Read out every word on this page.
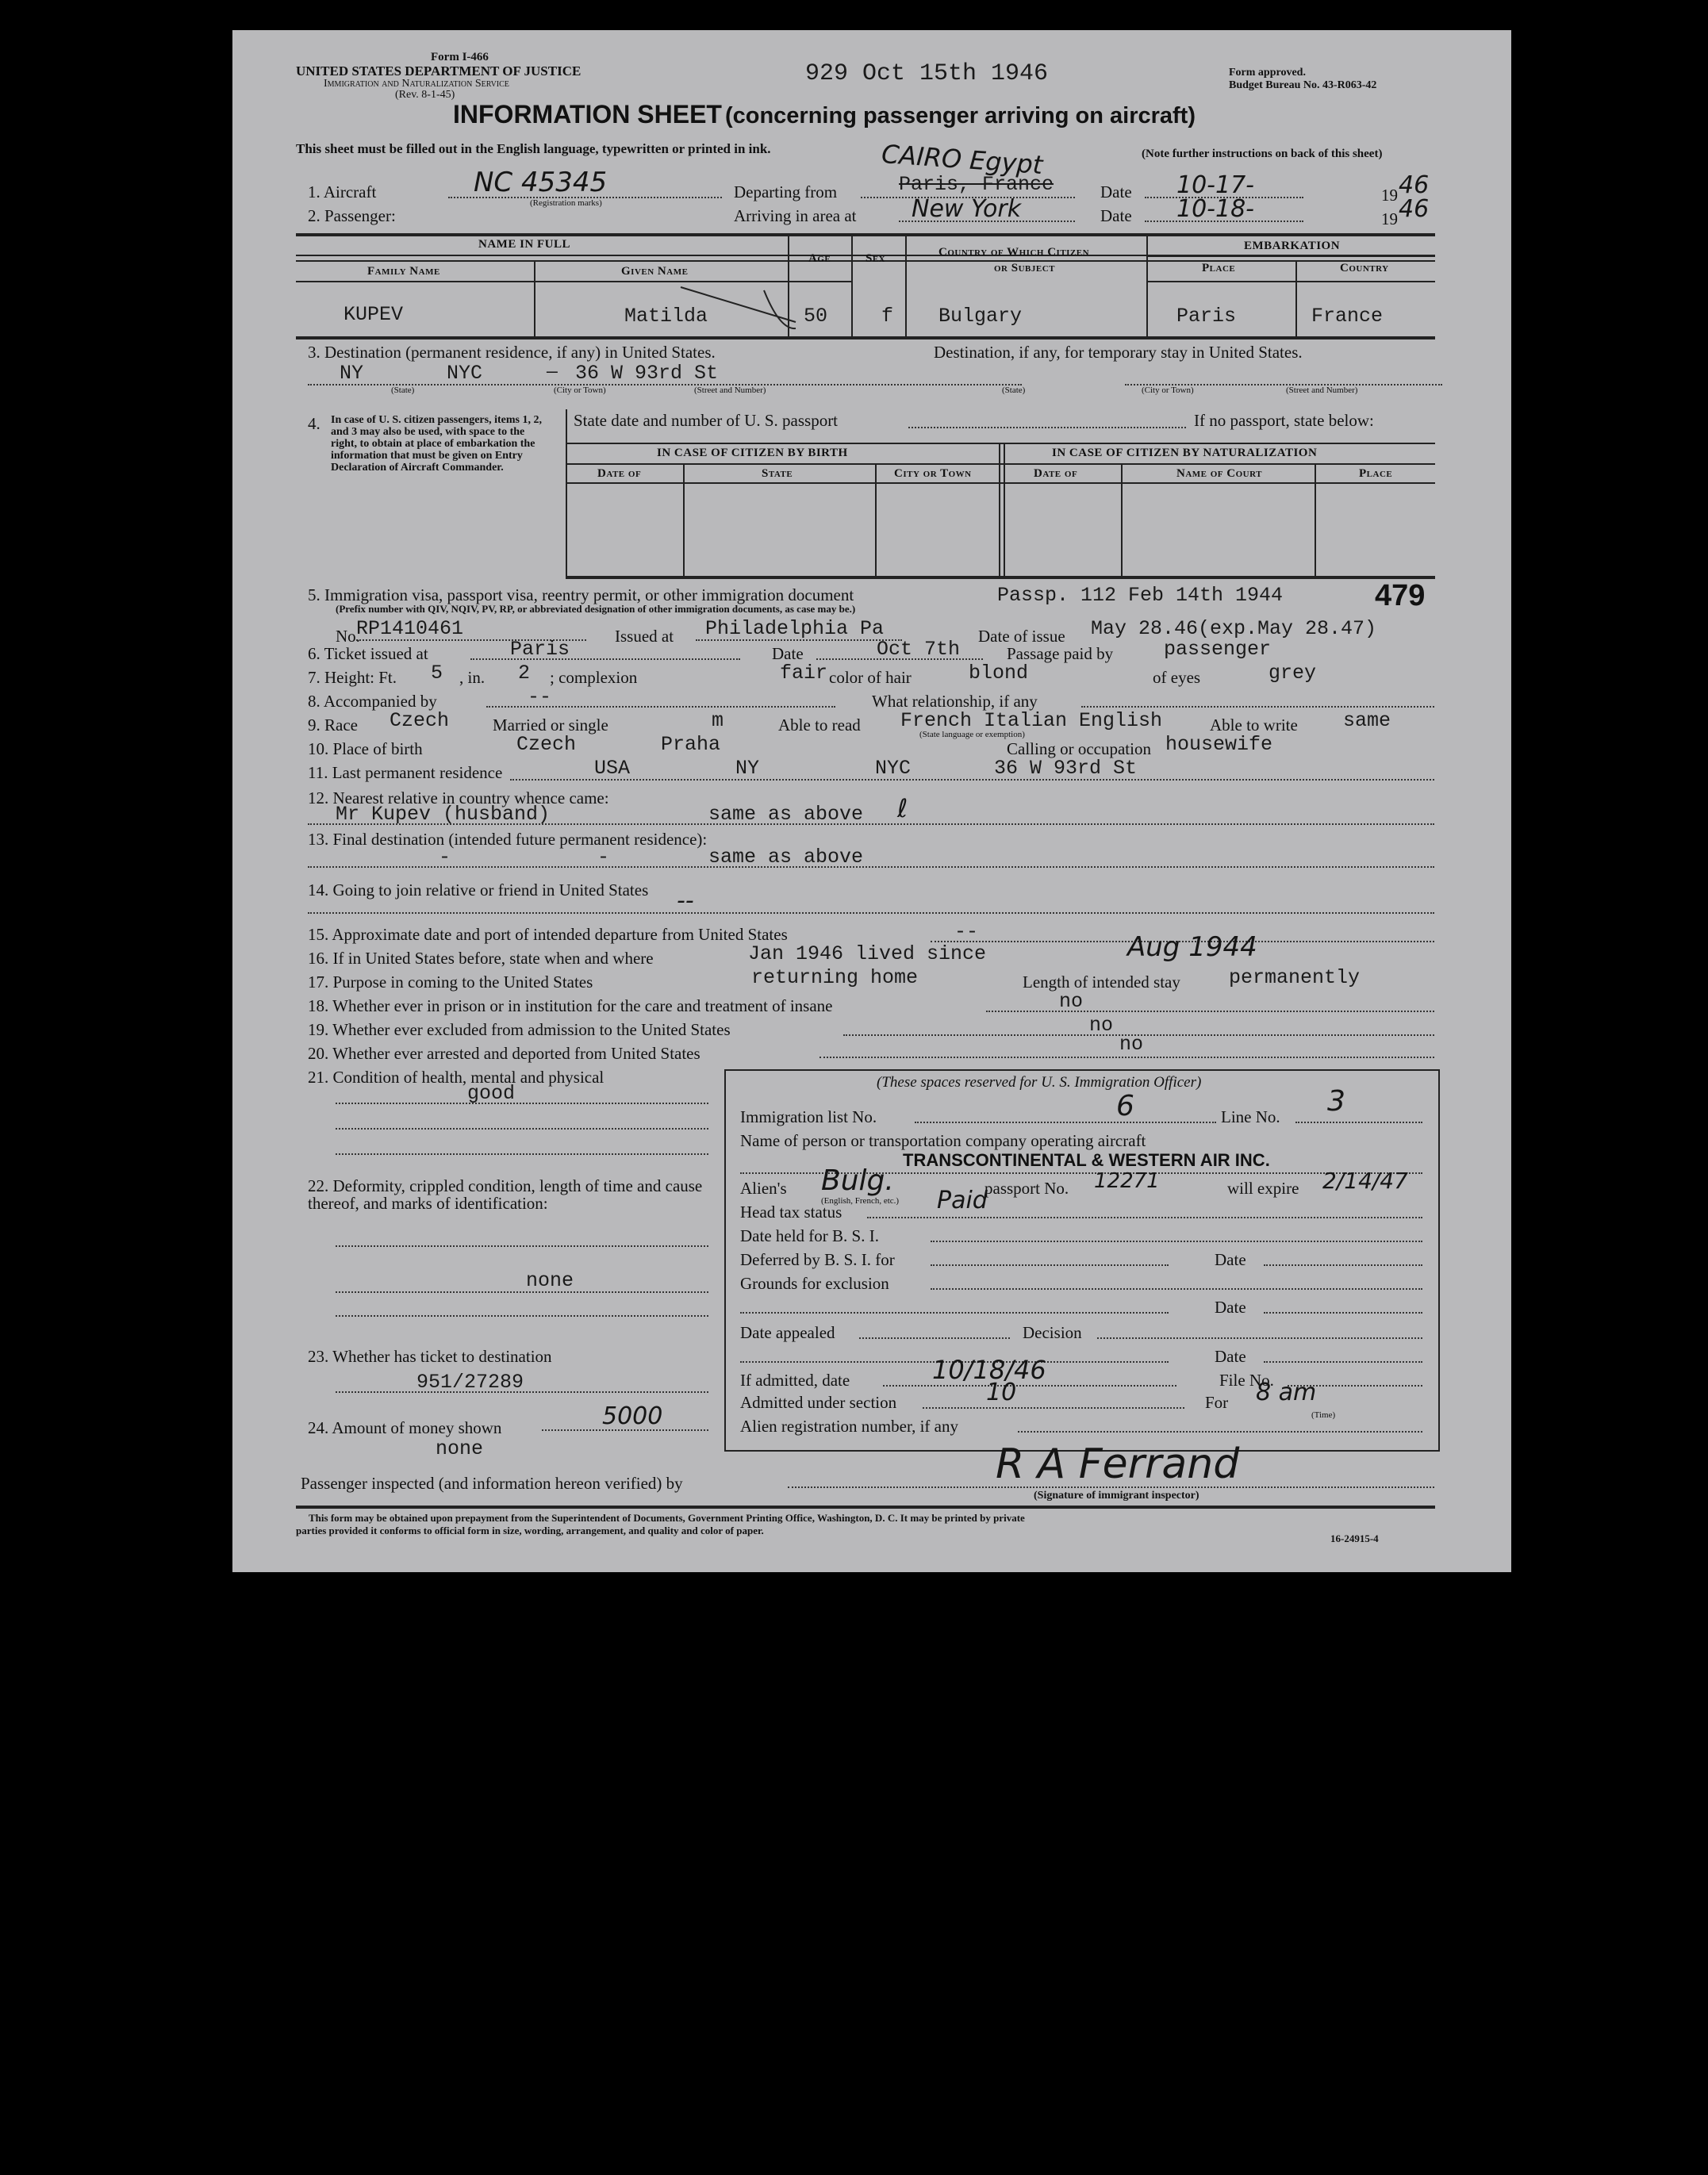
Form I-466
UNITED STATES DEPARTMENT OF JUSTICE
Immigration and Naturalization Service
(Rev. 8-1-45)
929 Oct 15th 1946	Form approved.
Budget Bureau No. 43-R063-42
INFORMATION SHEET (concerning passenger arriving on aircraft)
This sheet must be filled out in the English language, typewritten or printed in ink.	(Note further instructions on back of this sheet)
1. Aircraft	NC 45345
(Registration marks)
Departing from
CAIRO Egypt
Paris, France	Date 10-17-	19 46
2. Passenger:	Arriving in area at New York	Date 10-18-	19 46
NAME IN FULL
Family Name	Given Name
Age	Sex	Country of Which Citizen
or Subject
EMBARKATION
Place	Country
KUPEV	Matilda	50	f Bulgary	Paris	France
3. Destination (permanent residence, if any) in United States.	Destination, if any, for temporary stay in United States.
NY	NYC	— 36 W 93rd St
(State)	(City or Town)	(Street and Number)	(State)	(City or Town)	(Street and Number)
4. In case of U. S. citizen passengers, items 1, 2, and 3 may also be used, with space to the right, to obtain at place of embarkation the information that must be given on Entry Declaration of Aircraft Commander.
State date and number of U. S. passport	If no passport, state below:
IN CASE OF CITIZEN BY BIRTH	IN CASE OF CITIZEN BY NATURALIZATION
Date of	State	City or Town	Date of	Name of Court	Place
5. Immigration visa, passport visa, reentry permit, or other immigration document	Passp. 112 Feb 14th 1944	479
(Prefix number with QIV, NQIV, PV, RP, or abbreviated designation of other immigration documents, as case may be.)
No.
RP1410461	Issued at Philadelphia Pa	Date of issue May 28.46(exp.May 28.47)
6. Ticket issued at	Paris	Date	Oct 7th	Passage paid by	passenger
7. Height: Ft. 5 , in. 2 ; complexion	fair color of hair	blond	of eyes	grey
8. Accompanied by	--	What relationship, if any
9. Race Czech	Married or single	m	Able to read French Italian English
(State language or exemption)	Able to write same
10. Place of birth	Czech	Praha	Calling or occupation housewife
11. Last permanent residence	USA	NY	NYC	36 W 93rd St
12. Nearest relative in country whence came:
Mr Kupev (husband)	same as above ℓ
13. Final destination (intended future permanent residence):
-	-	same as above
14. Going to join relative or friend in United States --
15. Approximate date and port of intended departure from United States	--
16. If in United States before, state when and where	Jan 1946 lived since	Aug 1944
17. Purpose in coming to the United States	returning home	Length of intended stay permanently
18. Whether ever in prison or in institution for the care and treatment of insane	no
19. Whether ever excluded from admission to the United States	no
20. Whether ever arrested and deported from United States	no
21. Condition of health, mental and physical
good
22. Deformity, crippled condition, length of time and cause thereof, and marks of identification:
none
23. Whether has ticket to destination
951/27289
24. Amount of money shown	5000
none
(These spaces reserved for U. S. Immigration Officer)
Immigration list No.	6	Line No. 3
Name of person or transportation company operating aircraft
TRANSCONTINENTAL & WESTERN AIR INC.
Alien's Bulg.
(English, French, etc.)
passport No. 12271	will expire 2/14/47
Head tax status	Paid
Date held for B. S. I.
Deferred by B. S. I. for	Date
Grounds for exclusion
Date
Date appealed	Decision
Date
If admitted, date	10/18/46	File No.
Admitted under section	10	For 8 am
(Time)
Alien registration number, if any
Passenger inspected (and information hereon verified) by	R A Ferrand
(Signature of immigrant inspector)
This form may be obtained upon prepayment from the Superintendent of Documents, Government Printing Office, Washington, D. C. It may be printed by private
parties provided it conforms to official form in size, wording, arrangement, and quality and color of paper.
16-24915-4
